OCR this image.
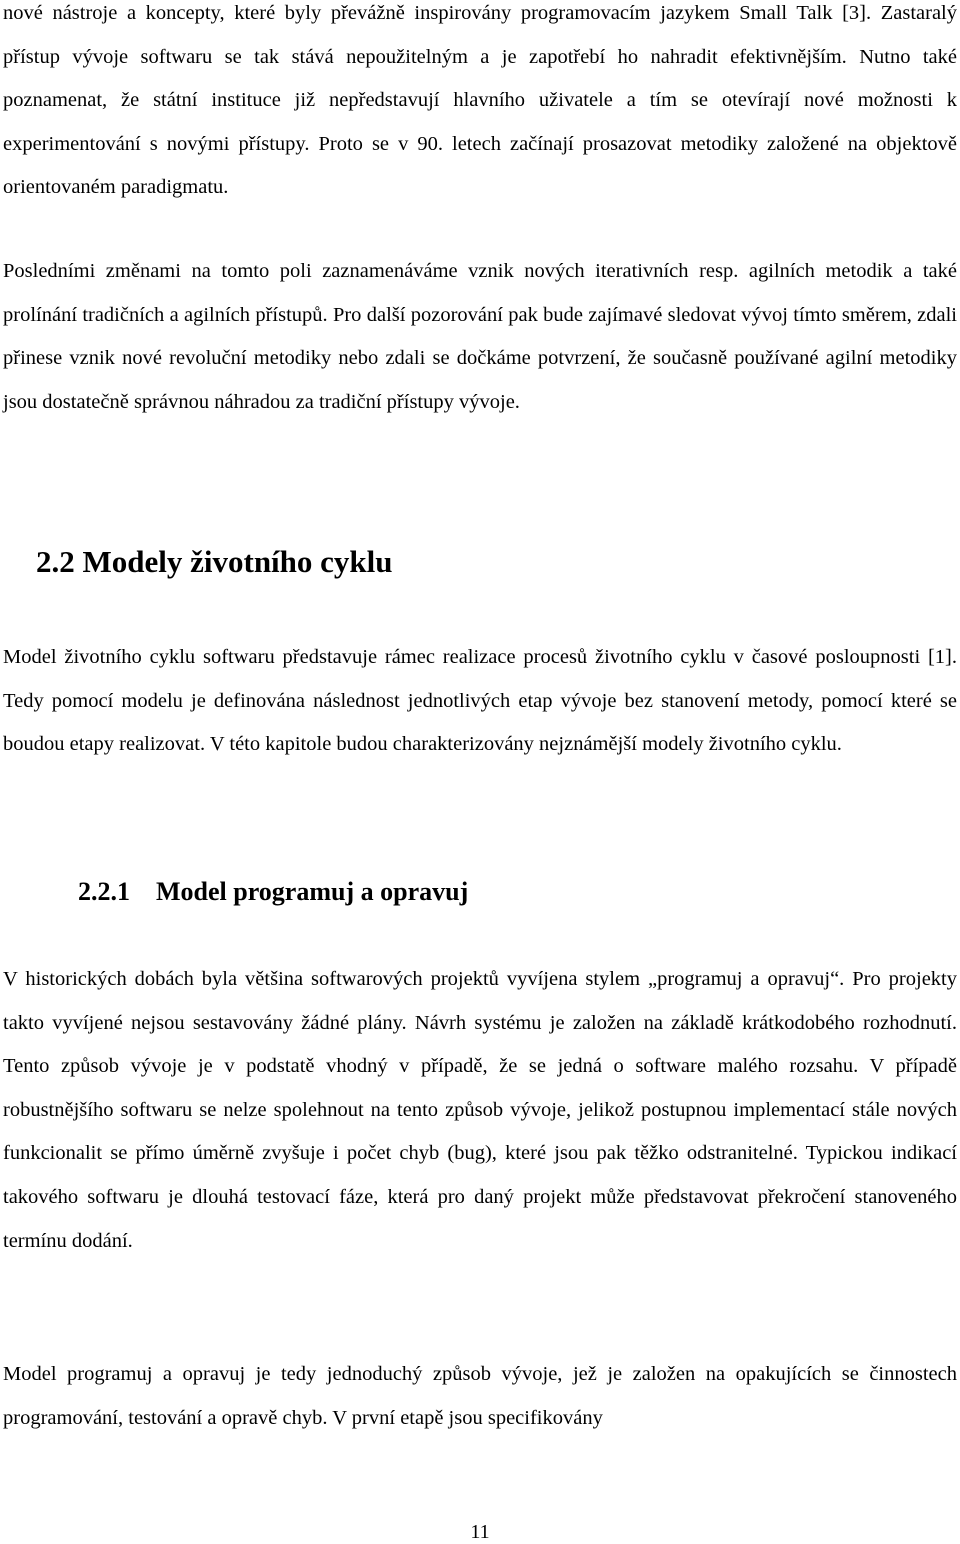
nové nástroje a koncepty, které byly převážně inspirovány programovacím jazykem Small Talk [3]. Zastaralý přístup vývoje softwaru se tak stává nepoužitelným a je zapotřebí ho nahradit efektivnějším. Nutno také poznamenat, že státní instituce již nepředstavují hlavního uživatele a tím se otevírají nové možnosti k experimentování s novými přístupy. Proto se v 90. letech začínají prosazovat metodiky založené na objektově orientovaném paradigmatu.

Posledními změnami na tomto poli zaznamenáváme vznik nových iterativních resp. agilních metodik a také prolínání tradičních a agilních přístupů. Pro další pozorování pak bude zajímavé sledovat vývoj tímto směrem, zdali přinese vznik nové revoluční metodiky nebo zdali se dočkáme potvrzení, že současně používané agilní metodiky jsou dostatečně správnou náhradou za tradiční přístupy vývoje.

2.2 Modely životního cyklu

Model životního cyklu softwaru představuje rámec realizace procesů životního cyklu v časové posloupnosti [1]. Tedy pomocí modelu je definována následnost jednotlivých etap vývoje bez stanovení metody, pomocí které se boudou etapy realizovat. V této kapitole budou charakterizovány nejznámější modely životního cyklu.

2.2.1 Model programuj a opravuj

V historických dobách byla většina softwarových projektů vyvíjena stylem „programuj a opravuj“. Pro projekty takto vyvíjené nejsou sestavovány žádné plány. Návrh systému je založen na základě krátkodobého rozhodnutí. Tento způsob vývoje je v podstatě vhodný v případě, že se jedná o software malého rozsahu. V případě robustnějšího softwaru se nelze spolehnout na tento způsob vývoje, jelikož postupnou implementací stále nových funkcionalit se přímo úměrně zvyšuje i počet chyb (bug), které jsou pak těžko odstranitelné. Typickou indikací takového softwaru je dlouhá testovací fáze, která pro daný projekt může představovat překročení stanoveného termínu dodání.

Model programuj a opravuj je tedy jednoduchý způsob vývoje, jež je založen na opakujících se činnostech programování, testování a opravě chyb. V první etapě jsou specifikovány

11
